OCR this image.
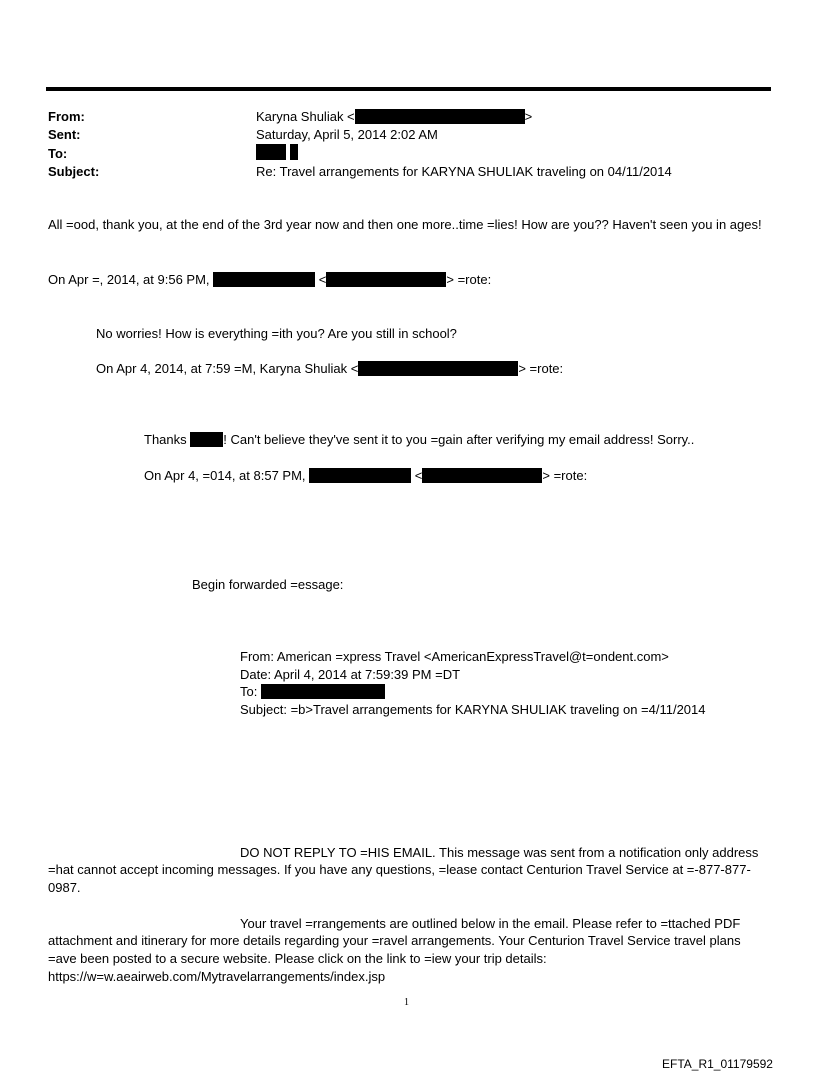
From:	Karyna Shuliak <	>
Sent:	Saturday, April 5, 2014 2:02 AM
To:
Subject:	Re: Travel arrangements for KARYNA SHULIAK traveling on 04/11/2014
All =ood, thank you, at the end of the 3rd year now and then one more..time =lies! How are you?? Haven't seen you in ages!
On Apr =, 2014, at 9:56 PM,	<	> =rote:
No worries! How is everything =ith you? Are you still in school?
On Apr 4, 2014, at 7:59 =M, Karyna Shuliak <	> =rote:
Thanks	! Can't believe they've sent it to you =gain after verifying my email address! Sorry..
On Apr 4, =014, at 8:57 PM,	<	> =rote:
Begin forwarded =essage:
From: American =xpress Travel <AmericanExpressTravel@t=ondent.com>
Date: April 4, 2014 at 7:59:39 PM =DT
To:
Subject: =b>Travel arrangements for KARYNA SHULIAK traveling on =4/11/2014
DO NOT REPLY TO =HIS EMAIL. This message was sent from a notification only address
=hat cannot accept incoming messages. If you have any questions, =lease contact Centurion Travel Service at =-877-877-0987.
Your travel =rrangements are outlined below in the email. Please refer to =ttached PDF
attachment and itinerary for more details regarding your =ravel arrangements. Your Centurion Travel Service travel plans =ave been posted to a secure website. Please click on the link to =iew your trip details: https://w=w.aeairweb.com/Mytravelarrangements/index.jsp
1
EFTA_R1_01179592
